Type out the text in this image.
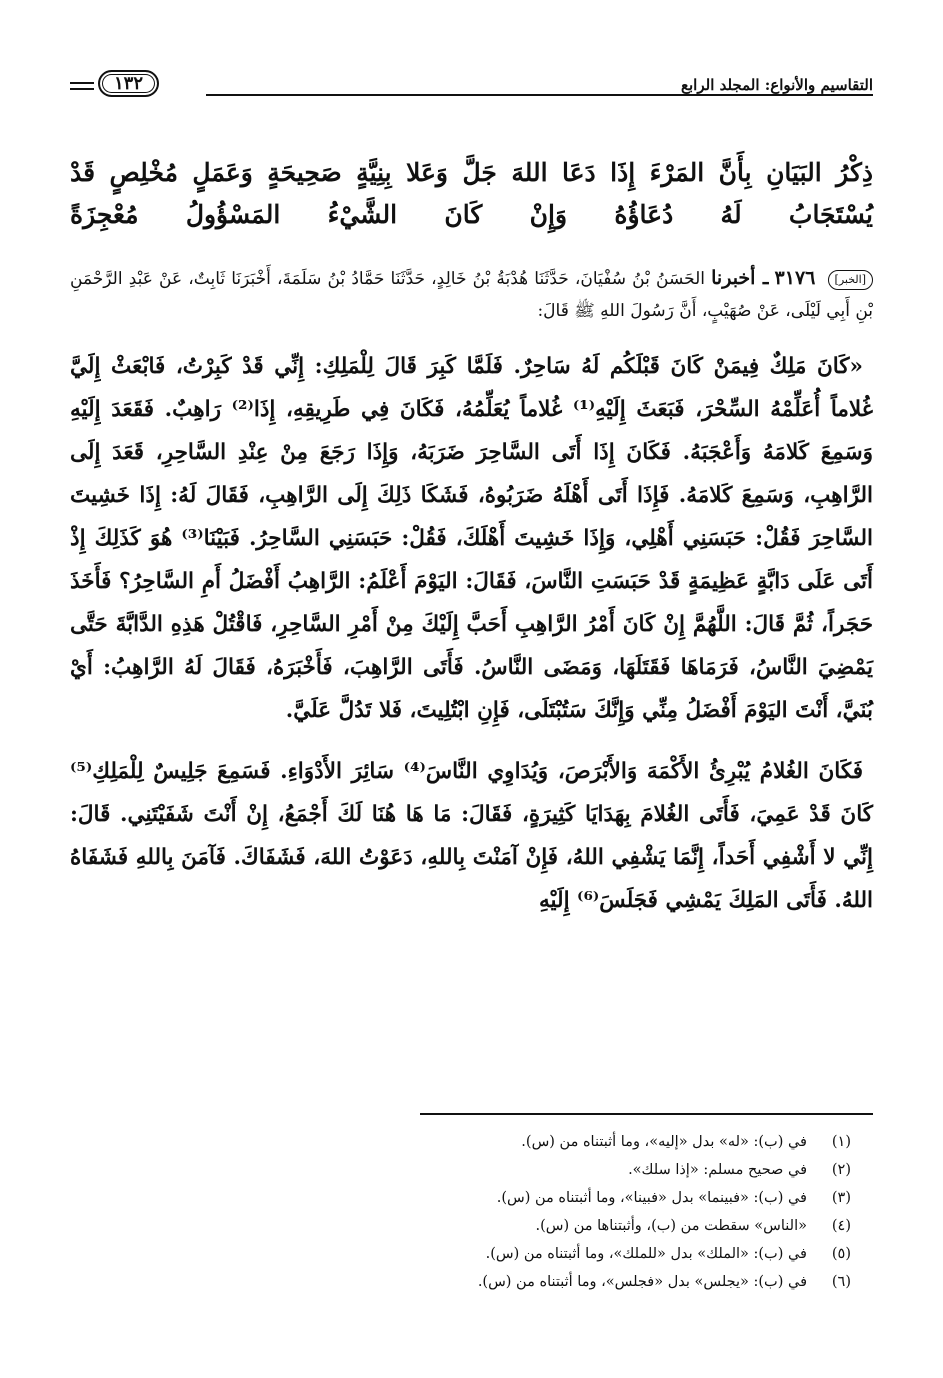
التقاسيم والأنواع: المجلد الرابع
١٣٢
ذِكْرُ البَيَانِ بِأَنَّ المَرْءَ إِذَا دَعَا اللهَ جَلَّ وَعَلا بِنِيَّةٍ صَحِيحَةٍ وَعَمَلٍ مُخْلِصٍ قَدْ يُسْتَجَابُ لَهُ دُعَاؤُهُ وَإِنْ كَانَ الشَّيْءُ المَسْؤُولُ مُعْجِزَةً
[الخبر] ٣١٧٦ ـ أخبرنا الحَسَنُ بْنُ سُفْيَانَ، حَدَّثَنَا هُدْبَةُ بْنُ خَالِدٍ، حَدَّثَنَا حَمَّادُ بْنُ سَلَمَةَ، أَخْبَرَنَا ثَابِتٌ، عَنْ عَبْدِ الرَّحْمَنِ بْنِ أَبِي لَيْلَى، عَنْ صُهَيْبٍ، أَنَّ رَسُولَ اللهِ ﷺ قَالَ:

«كَانَ مَلِكٌ فِيمَنْ كَانَ قَبْلَكُم لَهُ سَاحِرٌ. فَلَمَّا كَبِرَ قَالَ لِلْمَلِكِ: إِنِّي قَدْ كَبِرْتُ، فَابْعَثْ إِلَيَّ غُلاماً أُعَلِّمْهُ السِّحْرَ، فَبَعَثَ إِلَيْهِ⁽¹⁾ غُلاماً يُعَلِّمُهُ، فَكَانَ فِي طَرِيقِهِ، إِذَا⁽²⁾ رَاهِبٌ. فَقَعَدَ إِلَيْهِ وَسَمِعَ كَلامَهُ وَأَعْجَبَهُ. فَكَانَ إِذَا أَتَى السَّاحِرَ ضَرَبَهُ، وَإِذَا رَجَعَ مِنْ عِنْدِ السَّاحِرِ، قَعَدَ إِلَى الرَّاهِبِ، وَسَمِعَ كَلامَهُ. فَإِذَا أَتَى أَهْلَهُ ضَرَبُوهُ، فَشَكَا ذَلِكَ إِلَى الرَّاهِبِ، فَقَالَ لَهُ: إِذَا خَشِيتَ السَّاحِرَ فَقُلْ: حَبَسَنِي أَهْلِي، وَإِذَا خَشِيتَ أَهْلَكَ، فَقُلْ: حَبَسَنِي السَّاحِرُ. فَبَيْنَا⁽³⁾ هُوَ كَذَلِكَ إِذْ أَتَى عَلَى دَابَّةٍ عَظِيمَةٍ قَدْ حَبَسَتِ النَّاسَ، فَقَالَ: اليَوْمَ أَعْلَمُ: الرَّاهِبُ أَفْضَلُ أَمِ السَّاحِرُ؟ فَأَخَذَ حَجَراً، ثُمَّ قَالَ: اللَّهُمَّ إِنْ كَانَ أَمْرُ الرَّاهِبِ أَحَبَّ إِلَيْكَ مِنْ أَمْرِ السَّاحِرِ، فَاقْتُلْ هَذِهِ الدَّابَّةَ حَتَّى يَمْضِيَ النَّاسُ، فَرَمَاهَا فَقَتَلَهَا، وَمَضَى النَّاسُ. فَأَتَى الرَّاهِبَ، فَأَخْبَرَهُ، فَقَالَ لَهُ الرَّاهِبُ: أَيْ بُنَيَّ، أَنْتَ اليَوْمَ أَفْضَلُ مِنِّي وَإِنَّكَ سَتُبْتَلَى، فَإِنِ ابْتُلِيتَ، فَلا تَدُلَّ عَلَيَّ.

فَكَانَ الغُلامُ يُبْرِئُ الأَكْمَهَ وَالأَبْرَصَ، وَيُدَاوِي النَّاسَ⁽⁴⁾ سَائِرَ الأَدْوَاءِ. فَسَمِعَ جَلِيسٌ لِلْمَلِكِ⁽⁵⁾ كَانَ قَدْ عَمِيَ، فَأَتَى الغُلامَ بِهَدَايَا كَثِيرَةٍ، فَقَالَ: مَا هَا هُنَا لَكَ أَجْمَعُ، إِنْ أَنْتَ شَفَيْتَنِي. قَالَ: إِنِّي لا أَشْفِي أَحَداً، إِنَّمَا يَشْفِي اللهُ، فَإِنْ آمَنْتَ بِاللهِ، دَعَوْتُ اللهَ، فَشَفَاكَ. فَآمَنَ بِاللهِ فَشَفَاهُ اللهُ. فَأَتَى المَلِكَ يَمْشِي فَجَلَسَ⁽⁶⁾ إِلَيْهِ

(١)في (ب): «له» بدل «إليه»، وما أثبتناه من (س).
(٢)في صحيح مسلم: «إذا سلك».
(٣)في (ب): «فبينما» بدل «فبينا»، وما أثبتناه من (س).
(٤)«الناس» سقطت من (ب)، وأثبتناها من (س).
(٥)في (ب): «الملك» بدل «للملك»، وما أثبتناه من (س).
(٦)في (ب): «يجلس» بدل «فجلس»، وما أثبتناه من (س).
